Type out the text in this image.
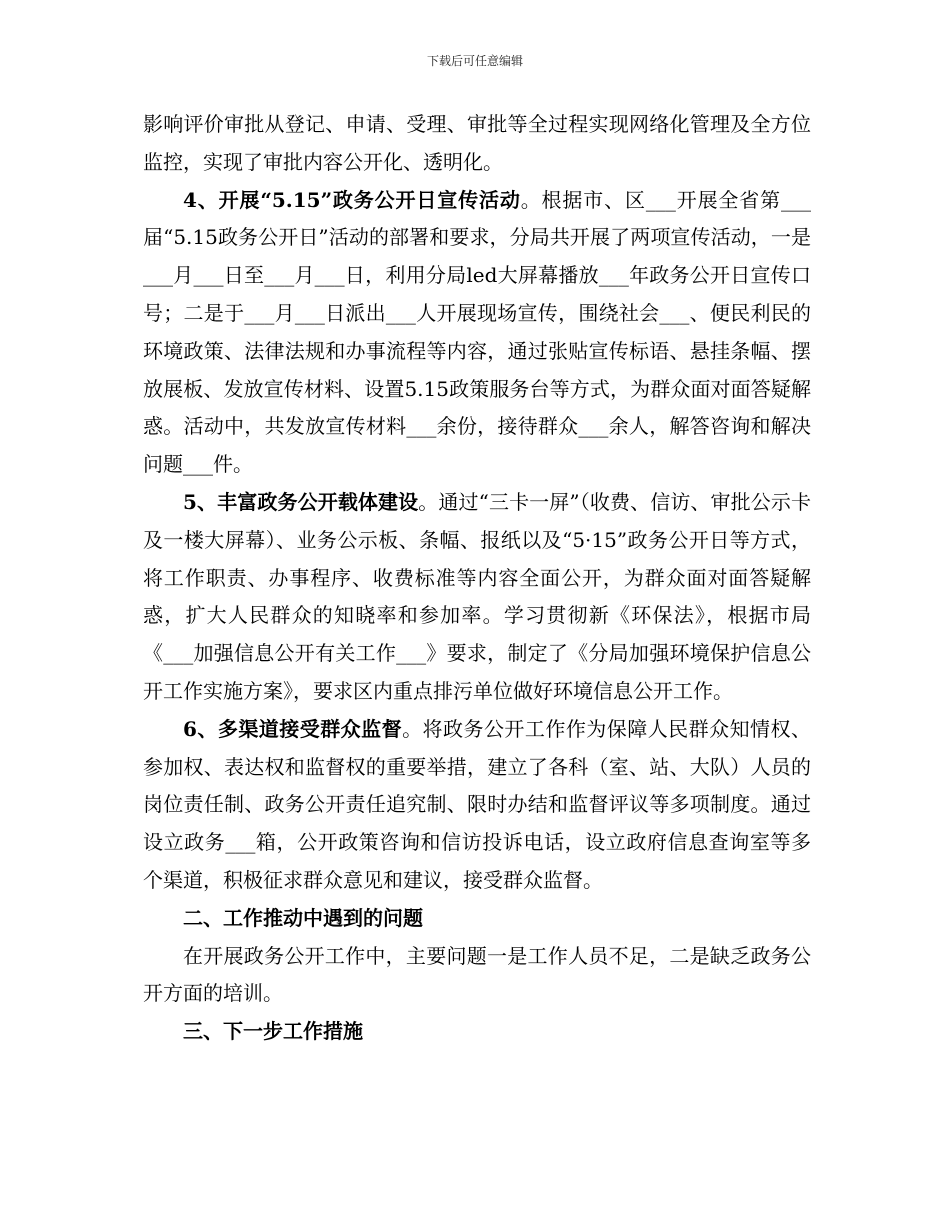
下载后可任意编辑

影响评价审批从登记、申请、受理、审批等全过程实现网络化管理及全方位监控，实现了审批内容公开化、透明化。

4、开展“5.15”政务公开日宣传活动。根据市、区___开展全省第___届“5.15政务公开日”活动的部署和要求，分局共开展了两项宣传活动，一是___月___日至___月___日，利用分局led大屏幕播放___年政务公开日宣传口号；二是于___月___日派出___人开展现场宣传，围绕社会___、便民利民的环境政策、法律法规和办事流程等内容，通过张贴宣传标语、悬挂条幅、摆放展板、发放宣传材料、设置5.15政策服务台等方式，为群众面对面答疑解惑。活动中，共发放宣传材料___余份，接待群众___余人，解答咨询和解决问题___件。

5、丰富政务公开载体建设。通过“三卡一屏”（收费、信访、审批公示卡及一楼大屏幕）、业务公示板、条幅、报纸以及“5·15”政务公开日等方式，将工作职责、办事程序、收费标准等内容全面公开，为群众面对面答疑解惑，扩大人民群众的知晓率和参加率。学习贯彻新《环保法》，根据市局《___加强信息公开有关工作___》要求，制定了《分局加强环境保护信息公开工作实施方案》，要求区内重点排污单位做好环境信息公开工作。

6、多渠道接受群众监督。将政务公开工作作为保障人民群众知情权、参加权、表达权和监督权的重要举措，建立了各科（室、站、大队）人员的岗位责任制、政务公开责任追究制、限时办结和监督评议等多项制度。通过设立政务___箱，公开政策咨询和信访投诉电话，设立政府信息查询室等多个渠道，积极征求群众意见和建议，接受群众监督。

二、工作推动中遇到的问题

在开展政务公开工作中，主要问题一是工作人员不足，二是缺乏政务公开方面的培训。

三、下一步工作措施
